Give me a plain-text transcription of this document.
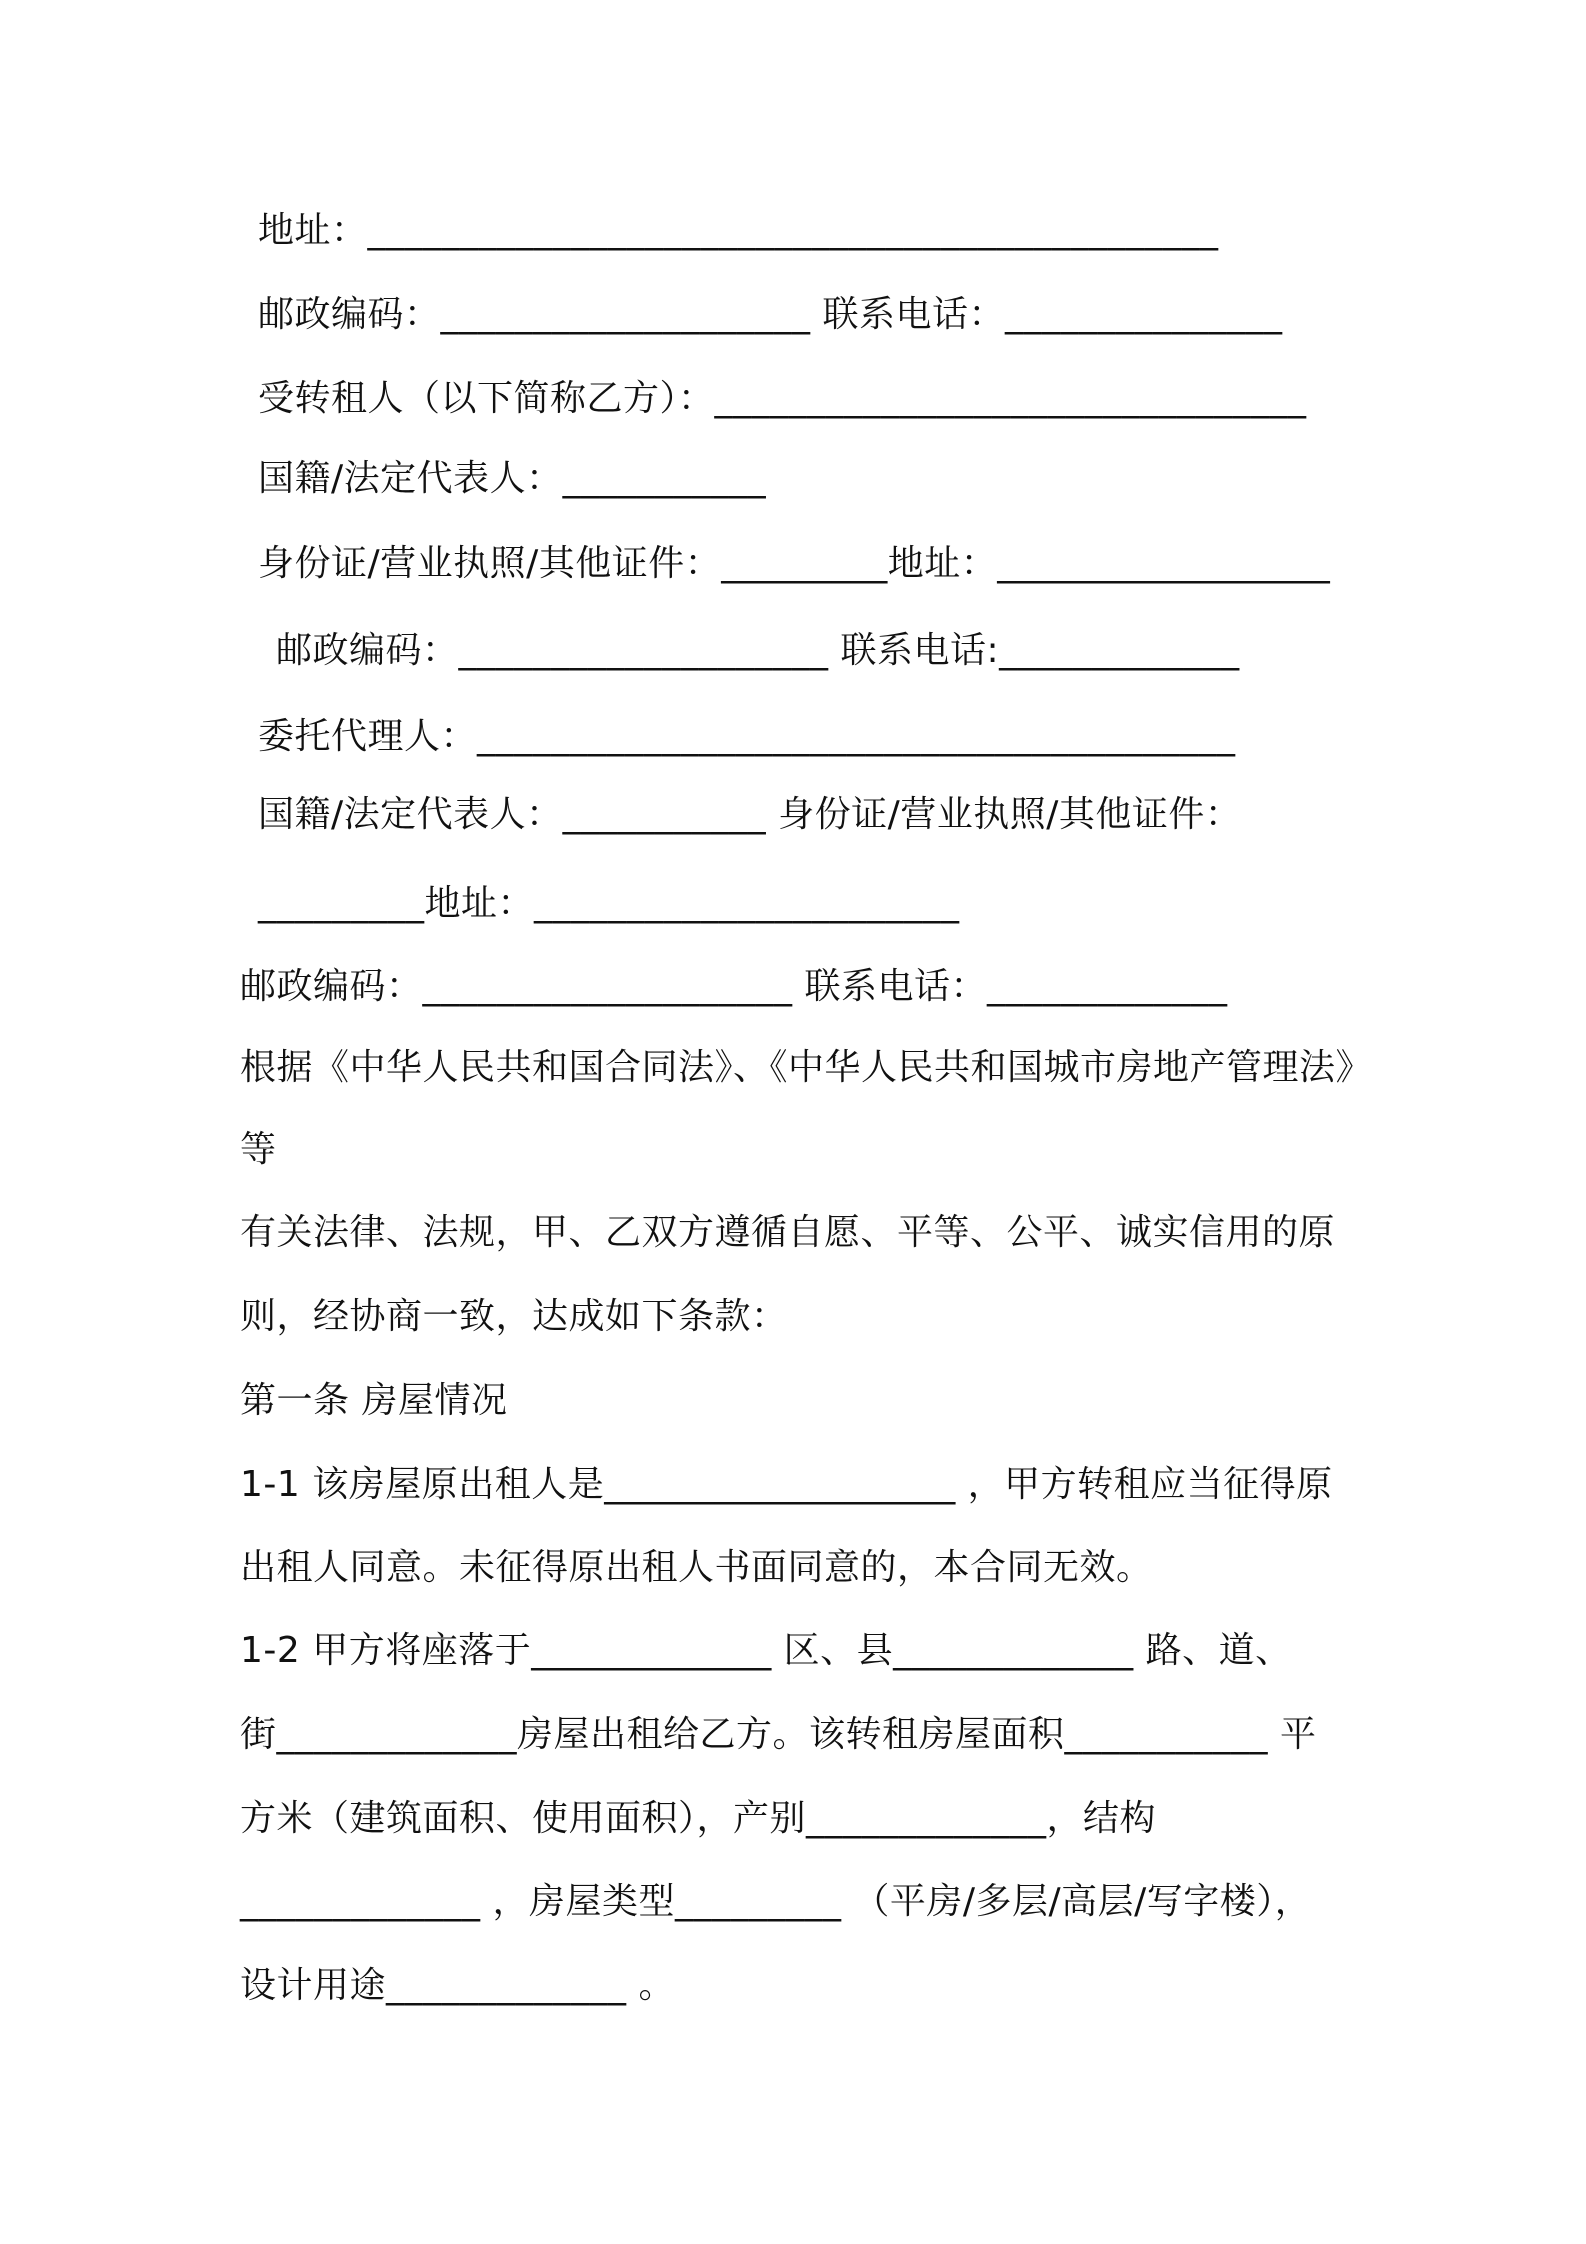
地址：______________________________________________
邮政编码：____________________ 联系电话：_______________
受转租人（以下简称乙方）：________________________________
国籍/法定代表人：___________
身份证/营业执照/其他证件：_________地址：__________________
邮政编码：____________________ 联系电话:_____________
委托代理人：_________________________________________
国籍/法定代表人：___________ 身份证/营业执照/其他证件：
_________地址：_______________________
邮政编码：____________________ 联系电话：_____________
根据《中华人民共和国合同法》、《中华人民共和国城市房地产管理法》
等
有关法律、法规，甲、乙双方遵循自愿、平等、公平、诚实信用的原
则，经协商一致，达成如下条款：
第一条 房屋情况
1-1 该房屋原出租人是___________________ ，甲方转租应当征得原
出租人同意。未征得原出租人书面同意的，本合同无效。
1-2 甲方将座落于_____________ 区、县_____________ 路、道、
街_____________房屋出租给乙方。该转租房屋面积___________ 平
方米（建筑面积、使用面积），产别_____________，结构
_____________ ，房屋类型_________ （平房/多层/高层/写字楼），
设计用途_____________ 。
